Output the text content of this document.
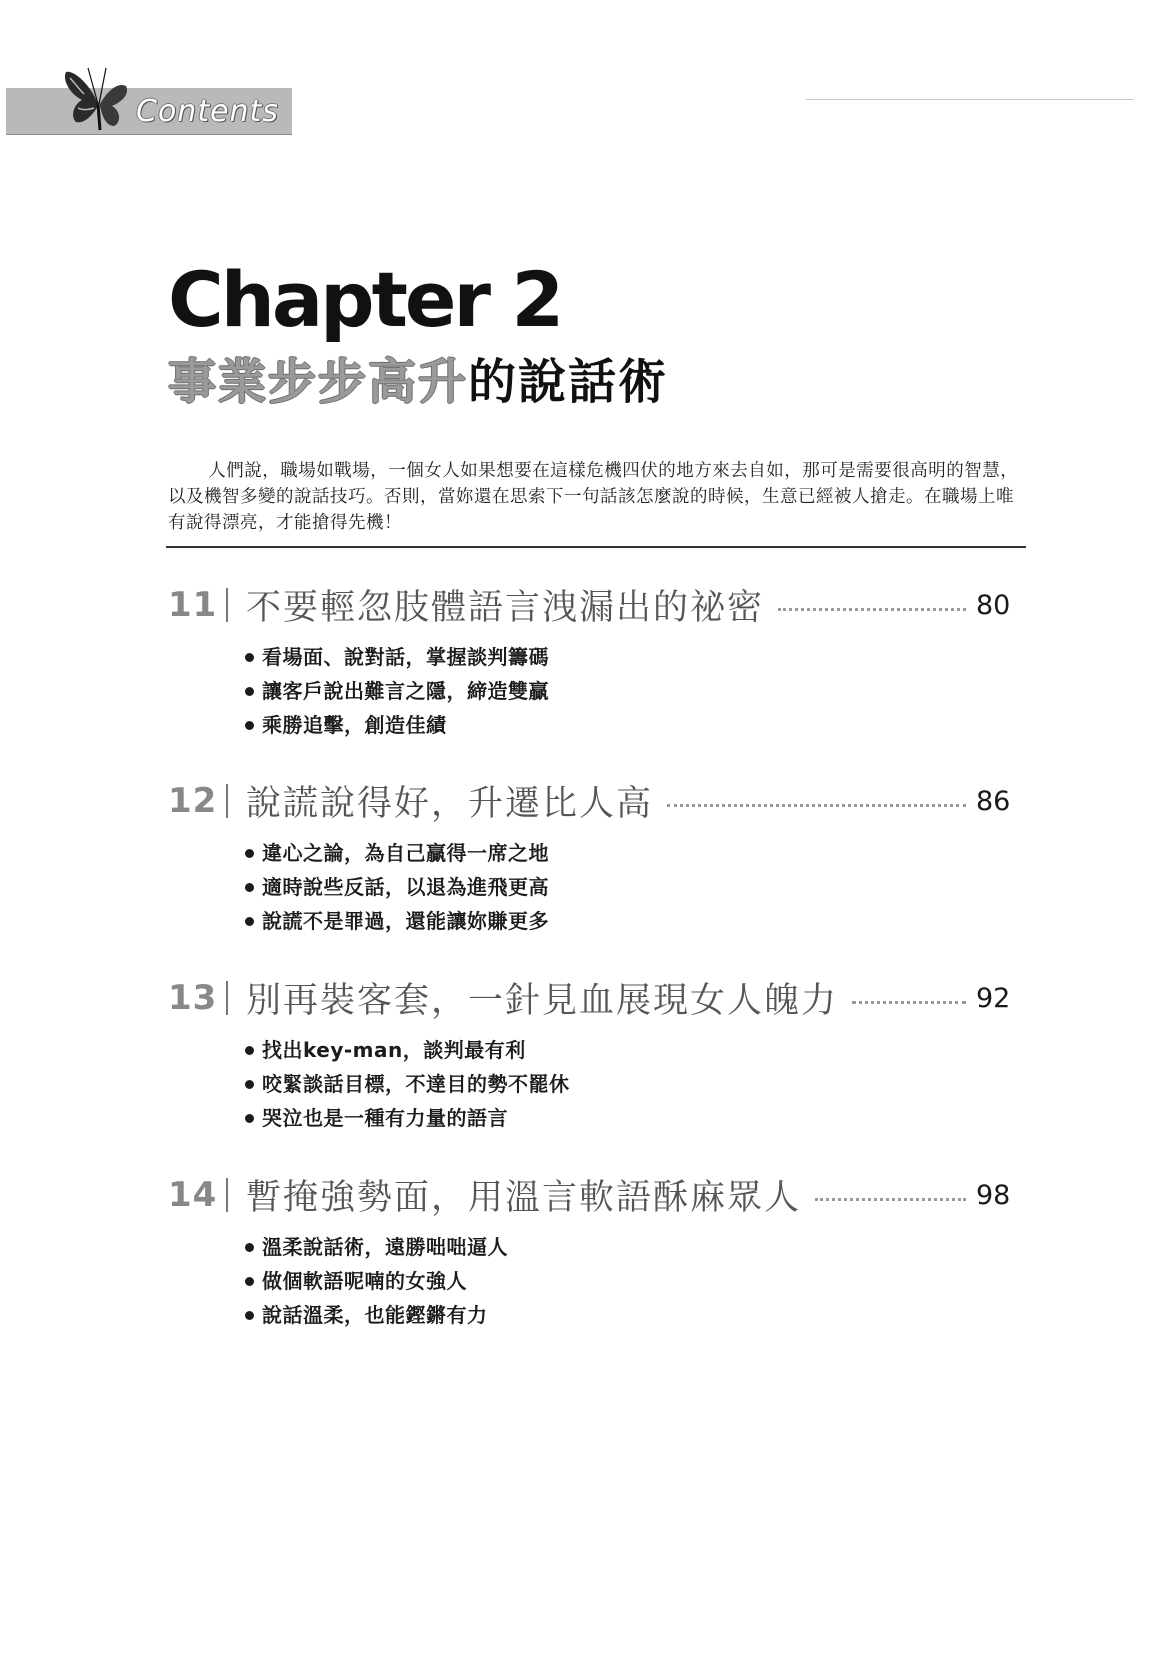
Contents
Chapter 2
事業步步高升的說話術
人們說，職場如戰場，一個女人如果想要在這樣危機四伏的地方來去自如，那可是需要很高明的智慧，以及機智多變的說話技巧。否則，當妳還在思索下一句話該怎麼說的時候，生意已經被人搶走。在職場上唯有說得漂亮，才能搶得先機！
11 不要輕忽肢體語言洩漏出的祕密	80
看場面、說對話，掌握談判籌碼
讓客戶說出難言之隱，締造雙贏
乘勝追擊，創造佳績
12 說謊說得好，升遷比人高	86
違心之論，為自己贏得一席之地
適時說些反話，以退為進飛更高
說謊不是罪過，還能讓妳賺更多
13 別再裝客套，一針見血展現女人魄力	92
找出key-man，談判最有利
咬緊談話目標，不達目的勢不罷休
哭泣也是一種有力量的語言
14 暫掩強勢面，用溫言軟語酥麻眾人	98
溫柔說話術，遠勝咄咄逼人
做個軟語呢喃的女強人
說話溫柔，也能鏗鏘有力
